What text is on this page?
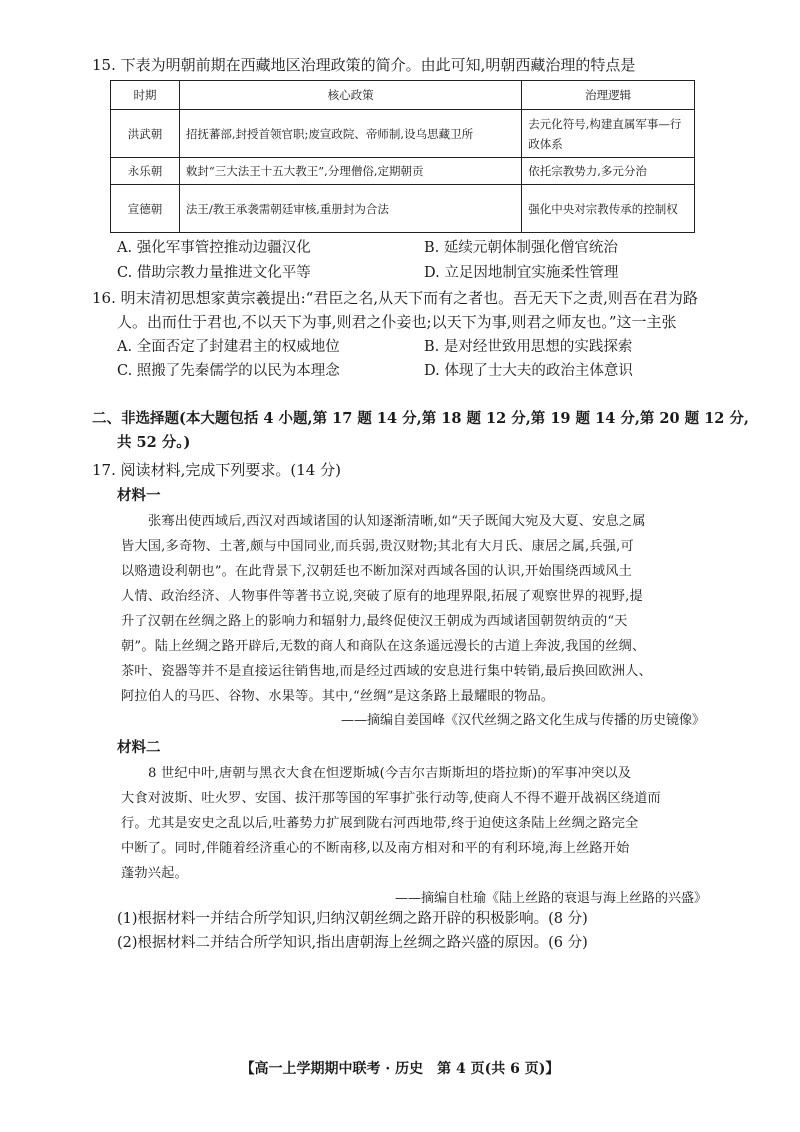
15. 下表为明朝前期在西藏地区治理政策的简介。由此可知,明朝西藏治理的特点是
时期	核心政策	治理逻辑
洪武朝	招抚蕃部,封授首领官职;废宣政院、帝师制,设乌思藏卫所	去元化符号,构建直属军事—行政体系
永乐朝	敕封“三大法王十五大教王”,分理僧俗,定期朝贡	依托宗教势力,多元分治
宣德朝	法王/教王承袭需朝廷审核,重册封为合法	强化中央对宗教传承的控制权
A. 强化军事管控推动边疆汉化	B. 延续元朝体制强化僧官统治
C. 借助宗教力量推进文化平等	D. 立足因地制宜实施柔性管理
16. 明末清初思想家黄宗羲提出:“君臣之名,从天下而有之者也。吾无天下之责,则吾在君为路
人。出而仕于君也,不以天下为事,则君之仆妾也;以天下为事,则君之师友也。”这一主张
A. 全面否定了封建君主的权威地位	B. 是对经世致用思想的实践探索
C. 照搬了先秦儒学的以民为本理念	D. 体现了士大夫的政治主体意识
二、非选择题(本大题包括 4 小题,第 17 题 14 分,第 18 题 12 分,第 19 题 14 分,第 20 题 12 分,
共 52 分。)
17. 阅读材料,完成下列要求。(14 分)
材料一
张骞出使西域后,西汉对西域诸国的认知逐渐清晰,如“天子既闻大宛及大夏、安息之属
皆大国,多奇物、土著,颇与中国同业,而兵弱,贵汉财物;其北有大月氏、康居之属,兵强,可
以赂遗设利朝也”。在此背景下,汉朝廷也不断加深对西域各国的认识,开始围绕西域风土
人情、政治经济、人物事件等著书立说,突破了原有的地理界限,拓展了观察世界的视野,提
升了汉朝在丝绸之路上的影响力和辐射力,最终促使汉王朝成为西域诸国朝贺纳贡的“天
朝”。陆上丝绸之路开辟后,无数的商人和商队在这条遥远漫长的古道上奔波,我国的丝绸、
茶叶、瓷器等并不是直接运往销售地,而是经过西域的安息进行集中转销,最后换回欧洲人、
阿拉伯人的马匹、谷物、水果等。其中,“丝绸”是这条路上最耀眼的物品。
——摘编自姜国峰《汉代丝绸之路文化生成与传播的历史镜像》
材料二
8 世纪中叶,唐朝与黑衣大食在怛逻斯城(今吉尔吉斯斯坦的塔拉斯)的军事冲突以及
大食对波斯、吐火罗、安国、拔汗那等国的军事扩张行动等,使商人不得不避开战祸区绕道而
行。尤其是安史之乱以后,吐蕃势力扩展到陇右河西地带,终于迫使这条陆上丝绸之路完全
中断了。同时,伴随着经济重心的不断南移,以及南方相对和平的有利环境,海上丝路开始
蓬勃兴起。
——摘编自杜瑜《陆上丝路的衰退与海上丝路的兴盛》
(1)根据材料一并结合所学知识,归纳汉朝丝绸之路开辟的积极影响。(8 分)
(2)根据材料二并结合所学知识,指出唐朝海上丝绸之路兴盛的原因。(6 分)
【高一上学期期中联考 · 历史　第 4 页(共 6 页)】
